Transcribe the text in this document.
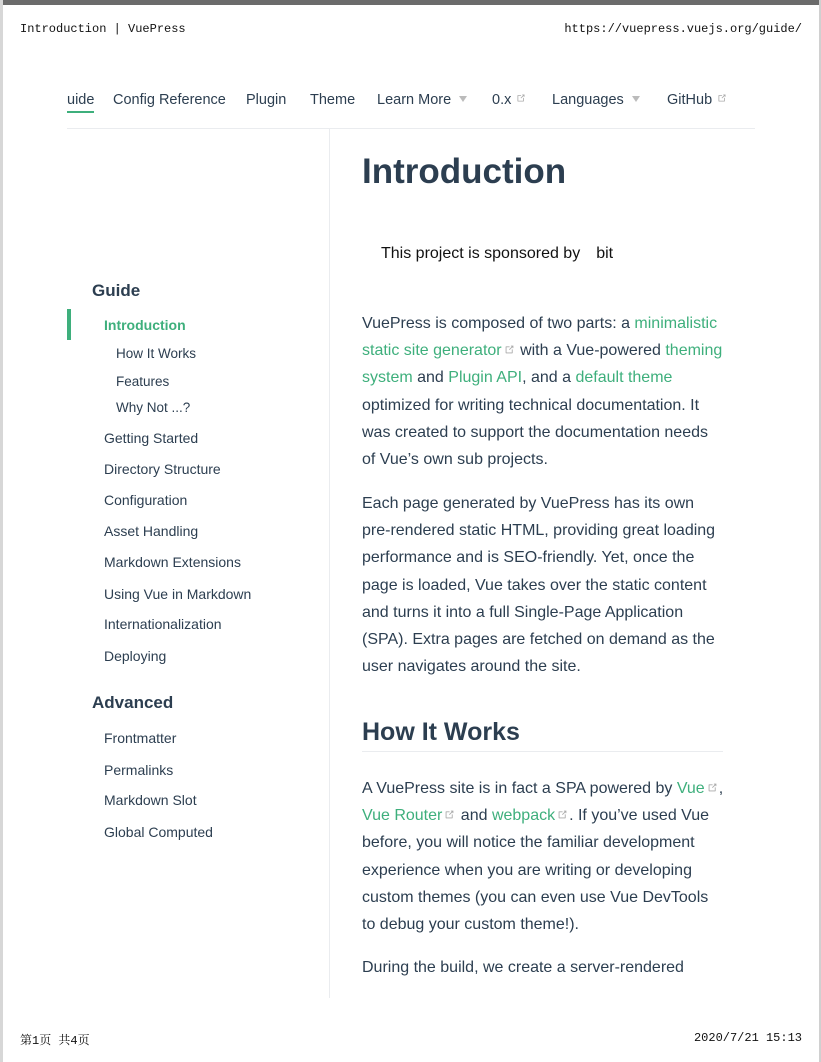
Introduction | VuePress	https://vuepress.vuejs.org/guide/
uide Config Reference Plugin Theme Learn More	0.x	Languages	GitHub
Guide
Introduction
How It Works
Features
Why Not ...?
Getting Started
Directory Structure
Configuration
Asset Handling
Markdown Extensions
Using Vue in Markdown
Internationalization
Deploying
Advanced
Frontmatter
Permalinks
Markdown Slot
Global Computed
Introduction
This project is sponsored by bit

VuePress is composed of two parts: a minimalistic static site generator with a Vue-powered theming system and Plugin API, and a default theme optimized for writing technical documentation. It was created to support the documentation needs of Vue’s own sub projects.

Each page generated by VuePress has its own pre-rendered static HTML, providing great loading performance and is SEO-friendly. Yet, once the page is loaded, Vue takes over the static content and turns it into a full Single-Page Application (SPA). Extra pages are fetched on demand as the user navigates around the site.

How It Works

A VuePress site is in fact a SPA powered by Vue , Vue Router and webpack . If you’ve used Vue before, you will notice the familiar development experience when you are writing or developing custom themes (you can even use Vue DevTools to debug your custom theme!).

During the build, we create a server-rendered

第1页 共4页	2020/7/21 15:13
